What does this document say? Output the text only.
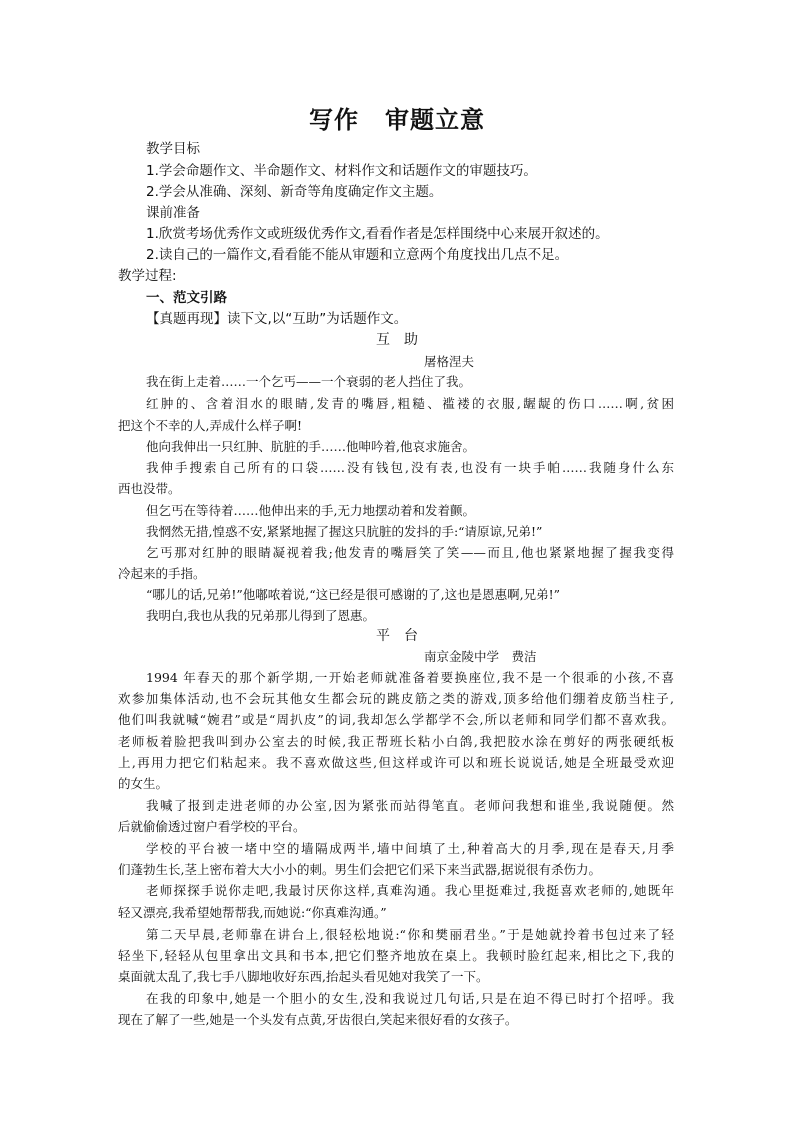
写作 审题立意
教学目标
1.学会命题作文、半命题作文、材料作文和话题作文的审题技巧。
2.学会从准确、深刻、新奇等角度确定作文主题。
课前准备
1.欣赏考场优秀作文或班级优秀作文,看看作者是怎样围绕中心来展开叙述的。
2.读自己的一篇作文,看看能不能从审题和立意两个角度找出几点不足。
教学过程:
一、范文引路
【真题再现】读下文,以“互助”为话题作文。
互　助
屠格涅夫
我在街上走着……一个乞丐——一个衰弱的老人挡住了我。
红肿的、含着泪水的眼睛,发青的嘴唇,粗糙、褴褛的衣服,龌龊的伤口……啊,贫困
把这个不幸的人,弄成什么样子啊!
他向我伸出一只红肿、肮脏的手……他呻吟着,他哀求施舍。
我伸手搜索自己所有的口袋……没有钱包,没有表,也没有一块手帕……我随身什么东
西也没带。
但乞丐在等待着……他伸出来的手,无力地摆动着和发着颤。
我惘然无措,惶惑不安,紧紧地握了握这只肮脏的发抖的手:“请原谅,兄弟!”
乞丐那对红肿的眼睛凝视着我;他发青的嘴唇笑了笑——而且,他也紧紧地握了握我变得
冷起来的手指。
“哪儿的话,兄弟!”他嘟哝着说,“这已经是很可感谢的了,这也是恩惠啊,兄弟!”
我明白,我也从我的兄弟那儿得到了恩惠。
平　台
南京金陵中学　费洁
1994 年春天的那个新学期,一开始老师就准备着要换座位,我不是一个很乖的小孩,不喜
欢参加集体活动,也不会玩其他女生都会玩的跳皮筋之类的游戏,顶多给他们绷着皮筋当柱子,
他们叫我就喊“婉君”或是“周扒皮”的词,我却怎么学都学不会,所以老师和同学们都不喜欢我。
老师板着脸把我叫到办公室去的时候,我正帮班长粘小白鸽,我把胶水涂在剪好的两张硬纸板
上,再用力把它们粘起来。我不喜欢做这些,但这样或许可以和班长说说话,她是全班最受欢迎
的女生。
我喊了报到走进老师的办公室,因为紧张而站得笔直。老师问我想和谁坐,我说随便。然
后就偷偷透过窗户看学校的平台。
学校的平台被一堵中空的墙隔成两半,墙中间填了土,种着高大的月季,现在是春天,月季
们蓬勃生长,茎上密布着大大小小的刺。男生们会把它们采下来当武器,据说很有杀伤力。
老师探探手说你走吧,我最讨厌你这样,真难沟通。我心里挺难过,我挺喜欢老师的,她既年
轻又漂亮,我希望她帮帮我,而她说:“你真难沟通。”
第二天早晨,老师靠在讲台上,很轻松地说:“你和樊丽君坐。”于是她就拎着书包过来了轻
轻坐下,轻轻从包里拿出文具和书本,把它们整齐地放在桌上。我顿时脸红起来,相比之下,我的
桌面就太乱了,我七手八脚地收好东西,抬起头看见她对我笑了一下。
在我的印象中,她是一个胆小的女生,没和我说过几句话,只是在迫不得已时打个招呼。我
现在了解了一些,她是一个头发有点黄,牙齿很白,笑起来很好看的女孩子。
